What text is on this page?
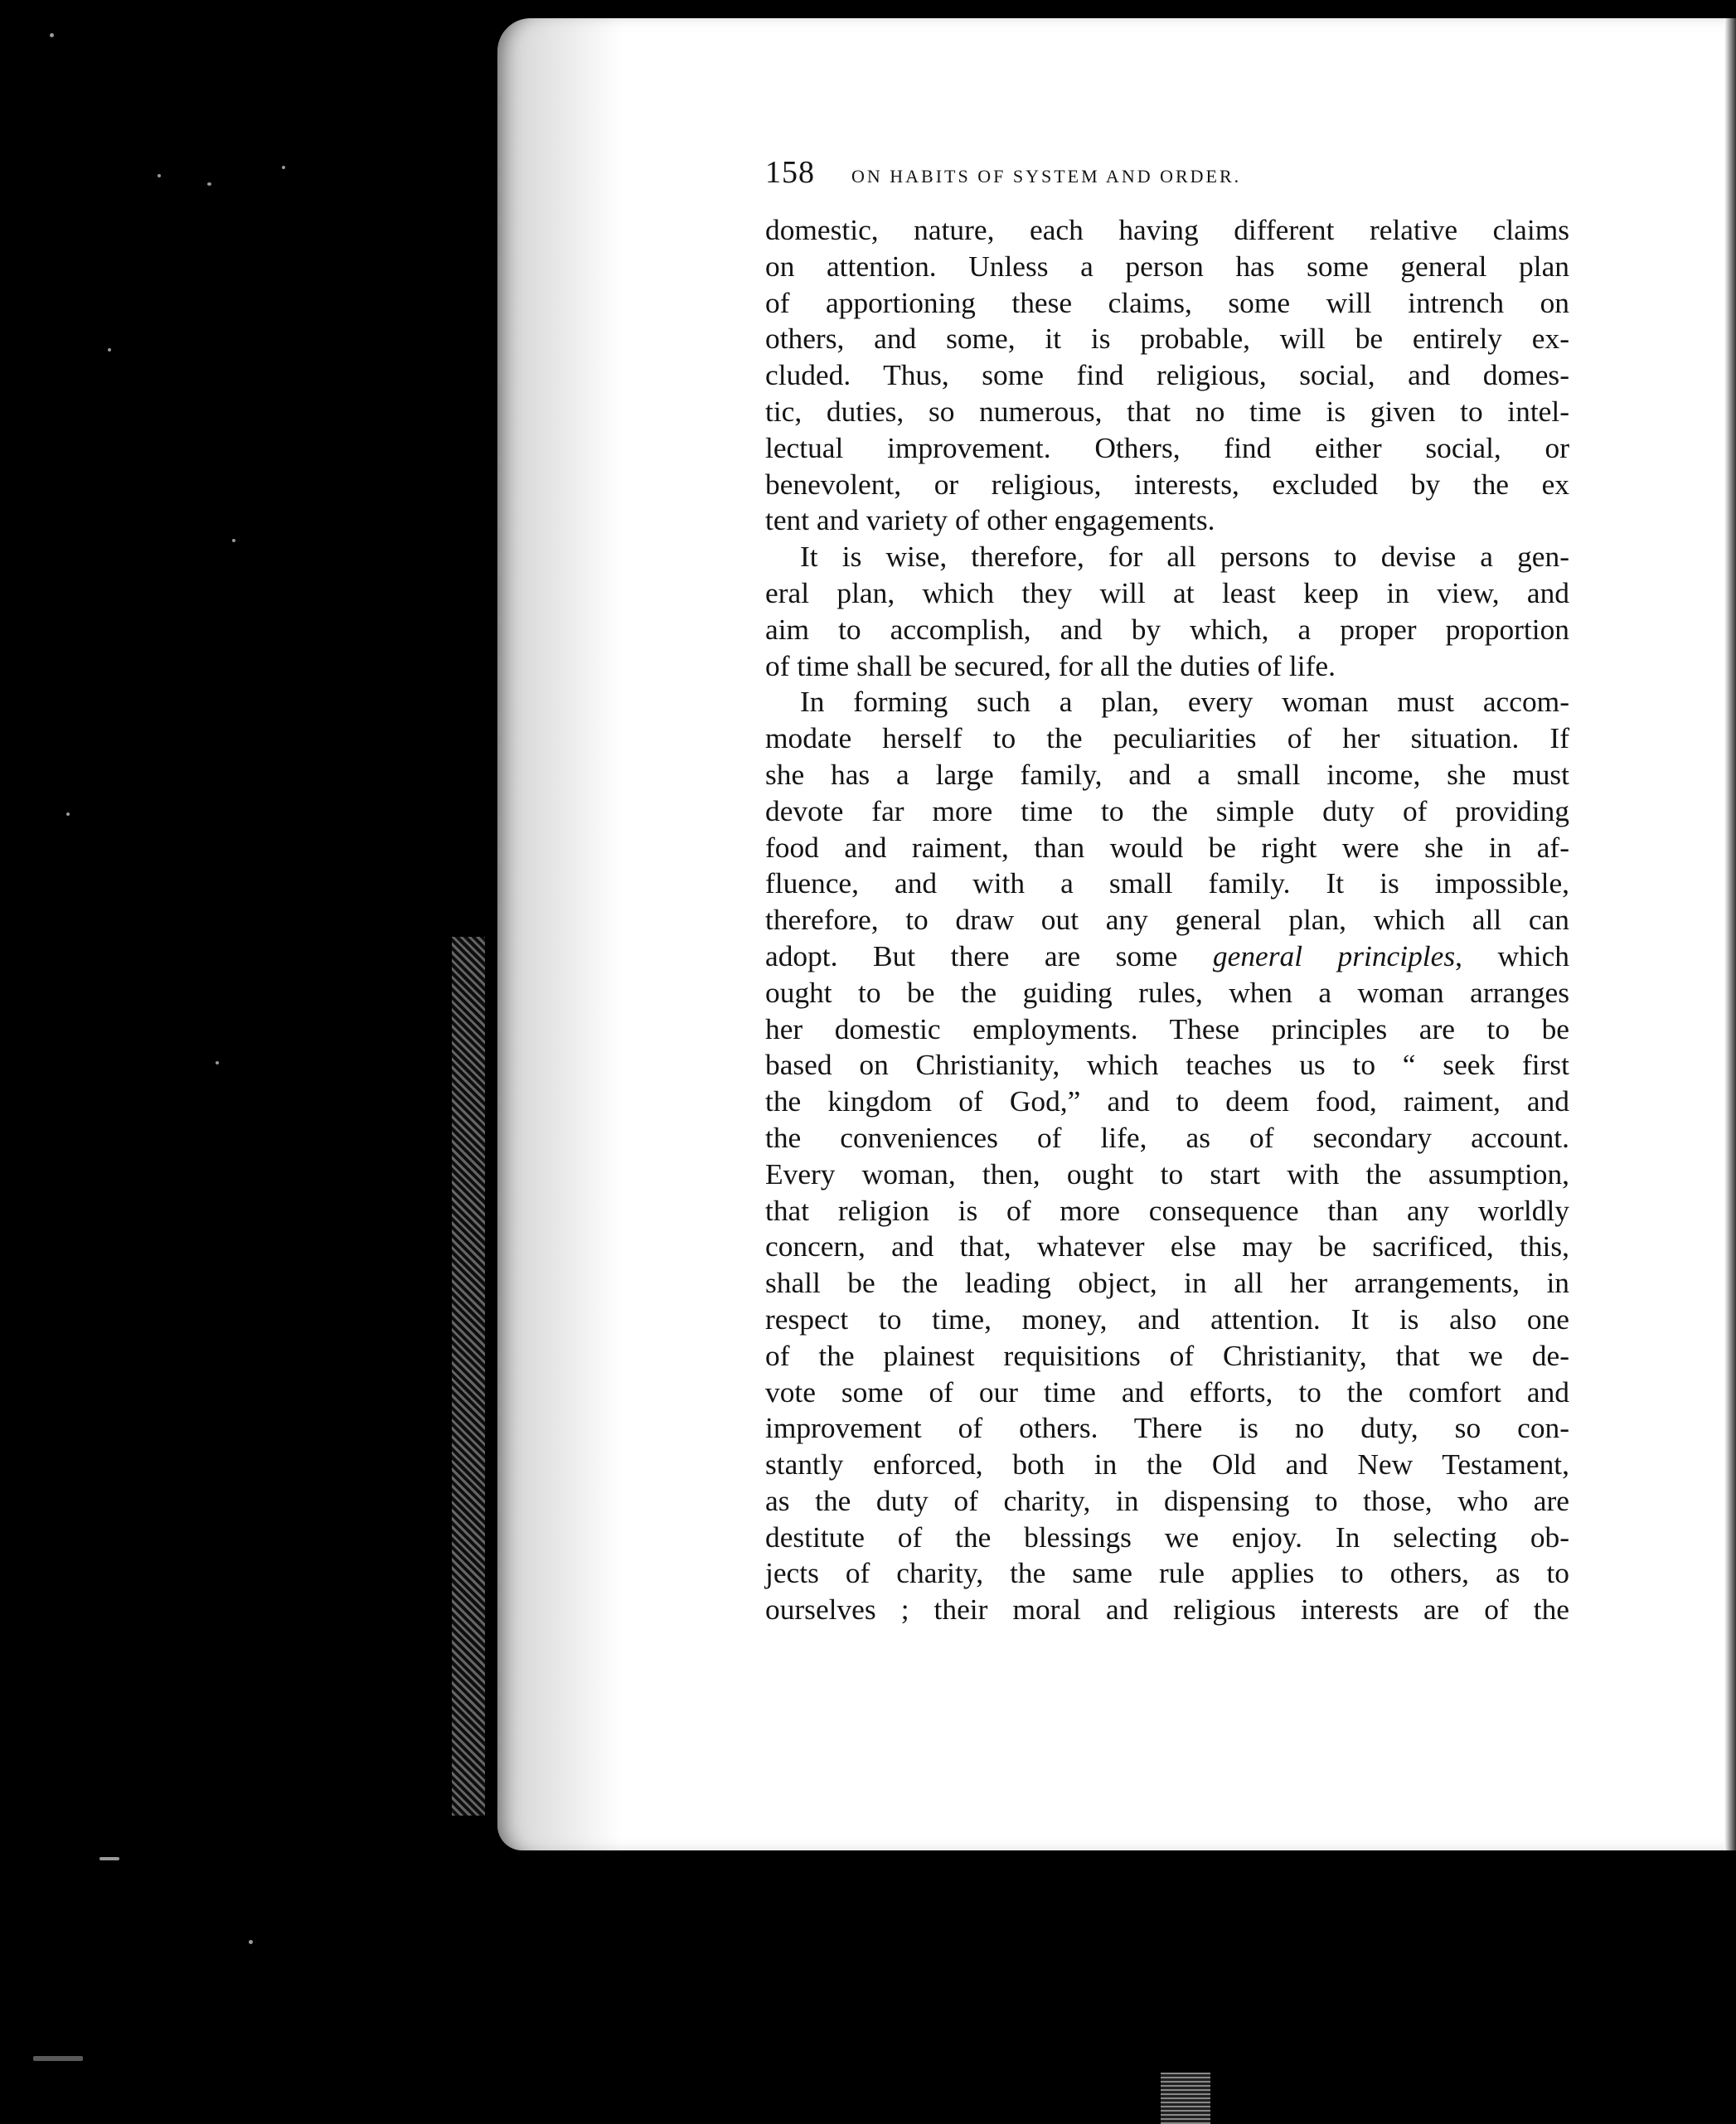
158 ON HABITS OF SYSTEM AND ORDER.
domestic, nature, each having different relative claims
on attention. Unless a person has some general plan
of apportioning these claims, some will intrench on
others, and some, it is probable, will be entirely ex-
cluded. Thus, some find religious, social, and domes-
tic, duties, so numerous, that no time is given to intel-
lectual improvement. Others, find either social, or
benevolent, or religious, interests, excluded by the ex
tent and variety of other engagements.
It is wise, therefore, for all persons to devise a gen-
eral plan, which they will at least keep in view, and
aim to accomplish, and by which, a proper proportion
of time shall be secured, for all the duties of life.
In forming such a plan, every woman must accom-
modate herself to the peculiarities of her situation. If
she has a large family, and a small income, she must
devote far more time to the simple duty of providing
food and raiment, than would be right were she in af-
fluence, and with a small family. It is impossible,
therefore, to draw out any general plan, which all can
adopt. But there are some general principles, which
ought to be the guiding rules, when a woman arranges
her domestic employments. These principles are to be
based on Christianity, which teaches us to “ seek first
the kingdom of God,” and to deem food, raiment, and
the conveniences of life, as of secondary account.
Every woman, then, ought to start with the assumption,
that religion is of more consequence than any worldly
concern, and that, whatever else may be sacrificed, this,
shall be the leading object, in all her arrangements, in
respect to time, money, and attention. It is also one
of the plainest requisitions of Christianity, that we de-
vote some of our time and efforts, to the comfort and
improvement of others. There is no duty, so con-
stantly enforced, both in the Old and New Testament,
as the duty of charity, in dispensing to those, who are
destitute of the blessings we enjoy. In selecting ob-
jects of charity, the same rule applies to others, as to
ourselves ; their moral and religious interests are of the
